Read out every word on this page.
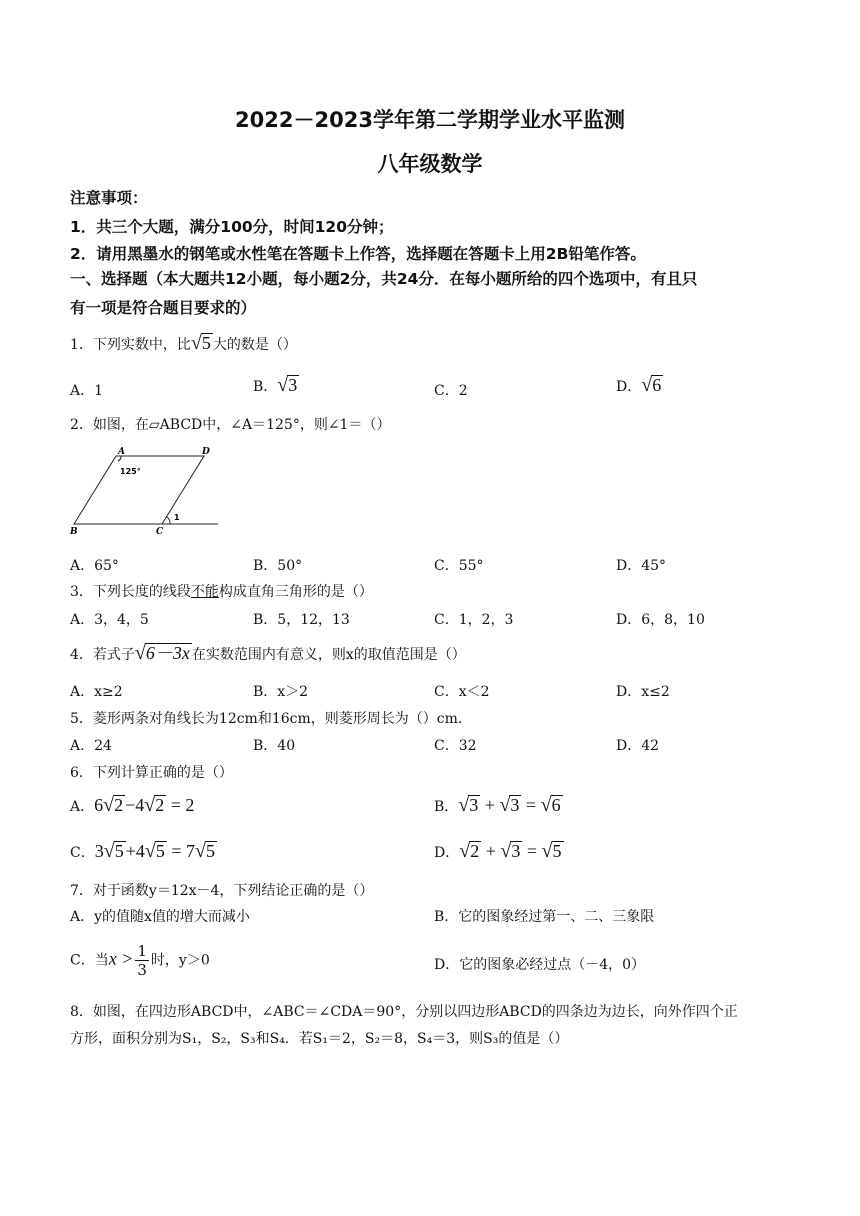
2022－2023学年第二学期学业水平监测
八年级数学
注意事项：
1．共三个大题，满分100分，时间120分钟；
2．请用黑墨水的钢笔或水性笔在答题卡上作答，选择题在答题卡上用2B铅笔作答。
一、选择题（本大题共12小题，每小题2分，共24分．在每小题所给的四个选项中，有且只
有一项是符合题目要求的）
1．下列实数中，比√5 大的数是（）
A．1	B．√3	C．2	D．√6
2．如图，在▱ABCD中，∠A＝125°，则∠1＝（）
A	D
B	C
125°
1
A．65°	B．50°	C．55°	D．45°
3．下列长度的线段不能构成直角三角形的是（）
A．3，4，5	B．5，12，13	C．1，2，3	D．6，8，10
4．若式子√6－3x 在实数范围内有意义，则x的取值范围是（）
A．x≥2	B．x＞2	C．x＜2	D．x≤2
5．菱形两条对角线长为12cm和16cm，则菱形周长为（）cm．
A．24	B．40	C．32	D．42
6．下列计算正确的是（）
A．6√2 −4√2 = 2	B．√3 + √3 = √6
C．3√5 +4√5 = 7√5	D．√2 + √3 = √5
7．对于函数y＝12x－4，下列结论正确的是（）
A．y的值随x值的增大而减小	B．它的图象经过第一、二、三象限
C．当$x > \frac{1}{3}$ 时，y＞0	D．它的图象必经过点（－4，0）
8．如图，在四边形ABCD中，∠ABC＝∠CDA＝90°，分别以四边形ABCD的四条边为边长，向外作四个正
方形，面积分别为S₁，S₂，S₃和S₄．若S₁＝2，S₂＝8，S₄＝3，则S₃的值是（）
